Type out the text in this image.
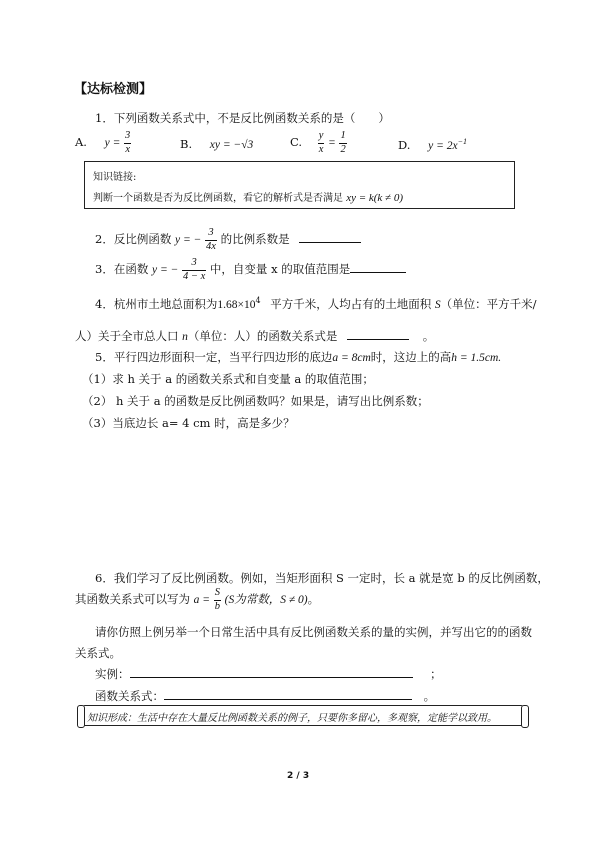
【达标检测】
1．下列函数关系式中，不是反比例函数关系的是（　　）
A. $y = \frac{3}{x}$	B. xy = −√3	C. $\frac{y}{x} = \frac{1}{2}$	D. $y = 2x^{-1}$
知识链接:
判断一个函数是否为反比例函数，看它的解析式是否满足 xy = k(k ≠ 0)
2．反比例函数 y = − $\frac{3}{4x}$ 的比例系数是
3．在函数 y = − $\frac{3}{4 - x}$ 中，自变量 x 的取值范围是
4．杭州市土地总面积为$1.68\times 10^4$ 平方千米，人均占有的土地面积 S（单位：平方千米/
人）关于全市总人口 n（单位：人）的函数关系式是	。
5．平行四边形面积一定，当平行四边形的底边a = 8cm时，这边上的高h = 1.5cm.
（1）求 h 关于 a 的函数关系式和自变量 a 的取值范围；
（2） h 关于 a 的函数是反比例函数吗？如果是，请写出比例系数；
（3）当底边长 a= 4 cm 时，高是多少？
6．我们学习了反比例函数。例如，当矩形面积 S 一定时，长 a 就是宽 b 的反比例函数，
其函数关系式可以写为 $a = \frac{S}{b} (S$为常数，S ≠ 0)。
请你仿照上例另举一个日常生活中具有反比例函数关系的量的实例，并写出它的的函数
关系式。
实例：	；
函数关系式：	。
知识形成：生活中存在大量反比例函数关系的例子，只要你多留心，多观察，定能学以致用。
2 / 3
